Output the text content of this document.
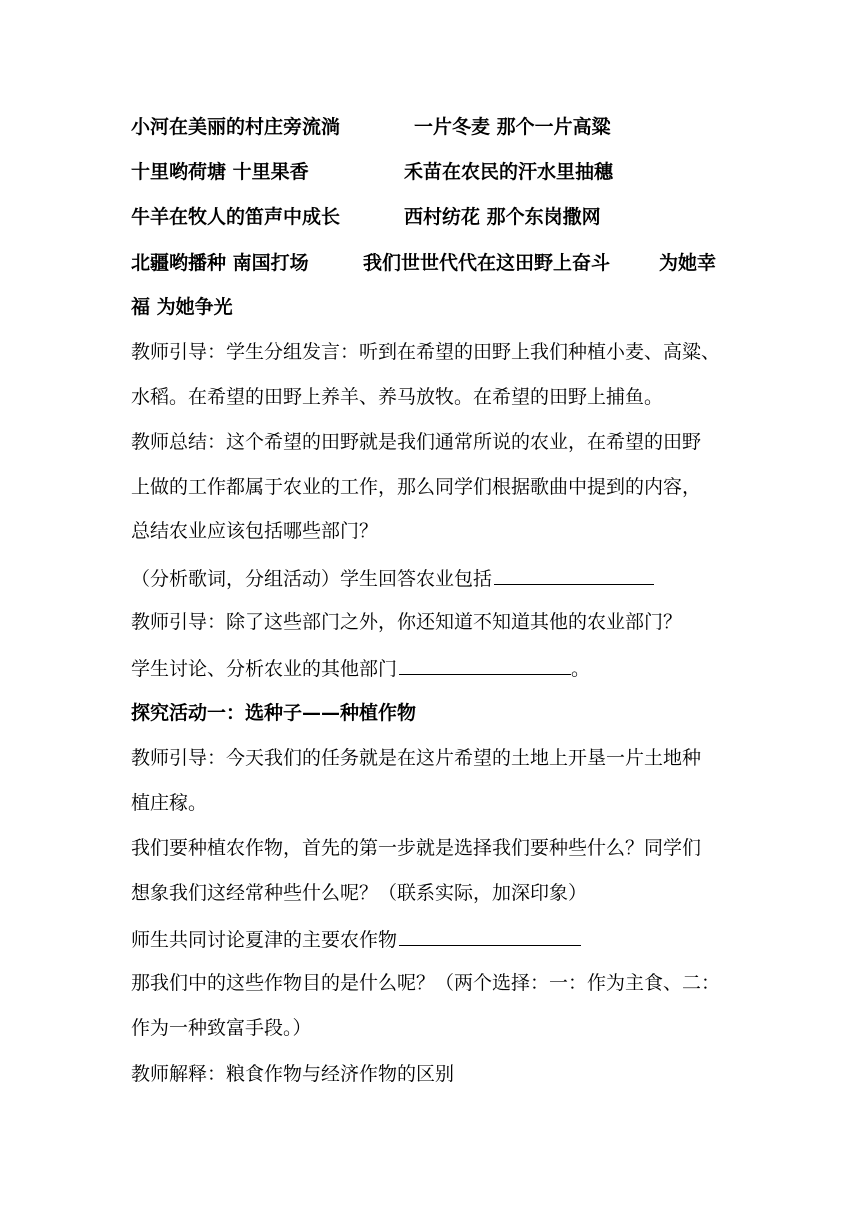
小河在美丽的村庄旁流淌	一片冬麦 那个一片高粱
十里哟荷塘 十里果香	禾苗在农民的汗水里抽穗
牛羊在牧人的笛声中成长	西村纺花 那个东岗撒网
北疆哟播种 南国打场	我们世世代代在这田野上奋斗	为她幸
福 为她争光
教师引导：学生分组发言：听到在希望的田野上我们种植小麦、高粱、
水稻。在希望的田野上养羊、养马放牧。在希望的田野上捕鱼。
教师总结：这个希望的田野就是我们通常所说的农业，在希望的田野
上做的工作都属于农业的工作，那么同学们根据歌曲中提到的内容，
总结农业应该包括哪些部门？
（分析歌词，分组活动）学生回答农业包括
教师引导：除了这些部门之外，你还知道不知道其他的农业部门？
学生讨论、分析农业的其他部门	。
探究活动一：选种子——种植作物
教师引导：今天我们的任务就是在这片希望的土地上开垦一片土地种
植庄稼。
我们要种植农作物，首先的第一步就是选择我们要种些什么？同学们
想象我们这经常种些什么呢？（联系实际，加深印象）
师生共同讨论夏津的主要农作物
那我们中的这些作物目的是什么呢？（两个选择：一：作为主食、二：
作为一种致富手段。）
教师解释：粮食作物与经济作物的区别
